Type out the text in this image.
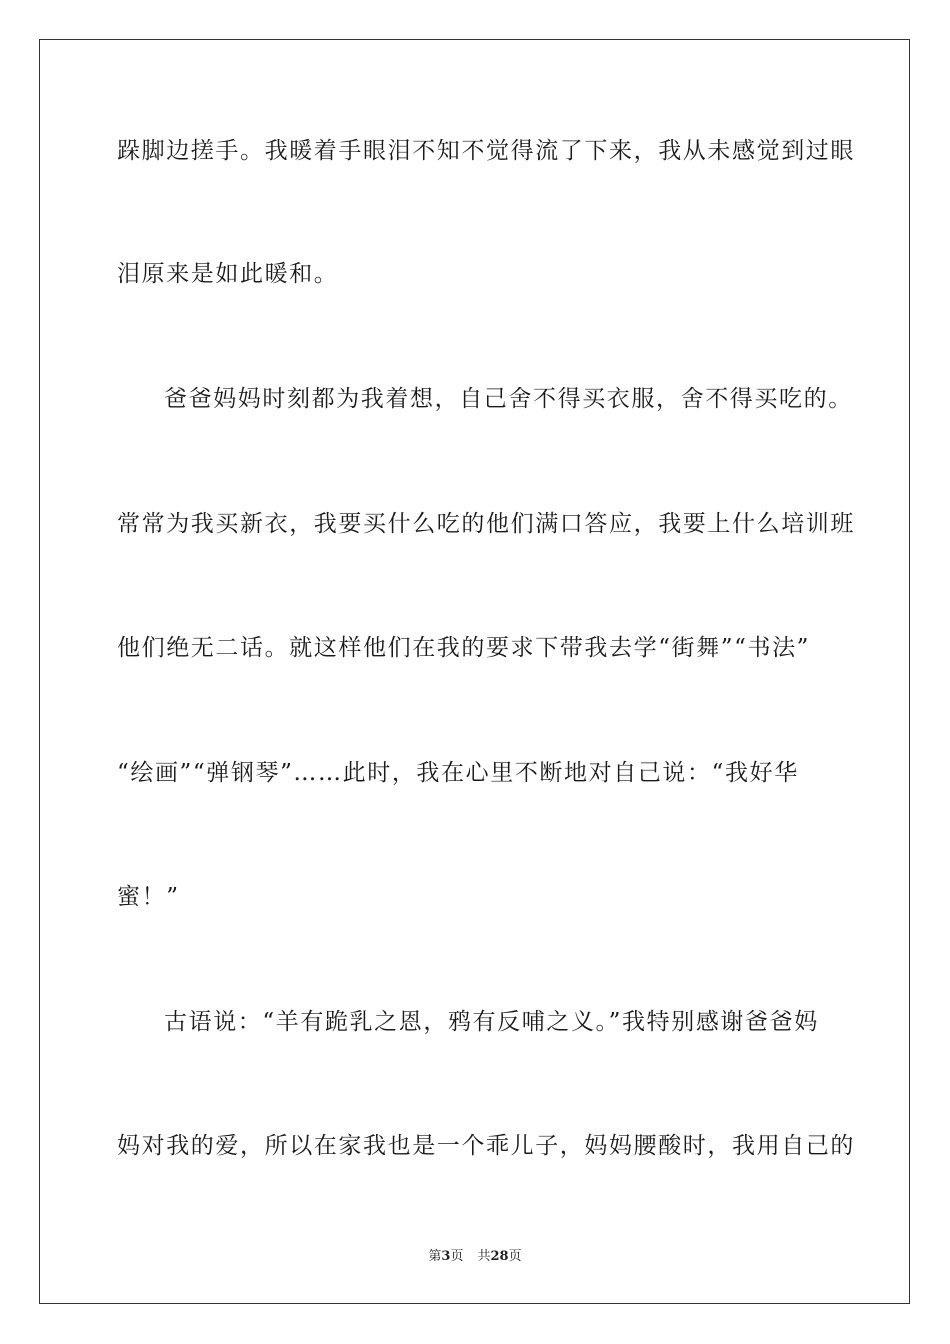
跺脚边搓手。我暖着手眼泪不知不觉得流了下来，我从未感觉到过眼
泪原来是如此暖和。
爸爸妈妈时刻都为我着想，自己舍不得买衣服，舍不得买吃的。
常常为我买新衣，我要买什么吃的他们满口答应，我要上什么培训班
他们绝无二话。就这样他们在我的要求下带我去学“街舞”“书法”
“绘画”“弹钢琴”……此时，我在心里不断地对自己说：“我好华
蜜！”
古语说：“羊有跪乳之恩，鸦有反哺之义。”我特别感谢爸爸妈
妈对我的爱，所以在家我也是一个乖儿子，妈妈腰酸时，我用自己的
第3页 共28页
